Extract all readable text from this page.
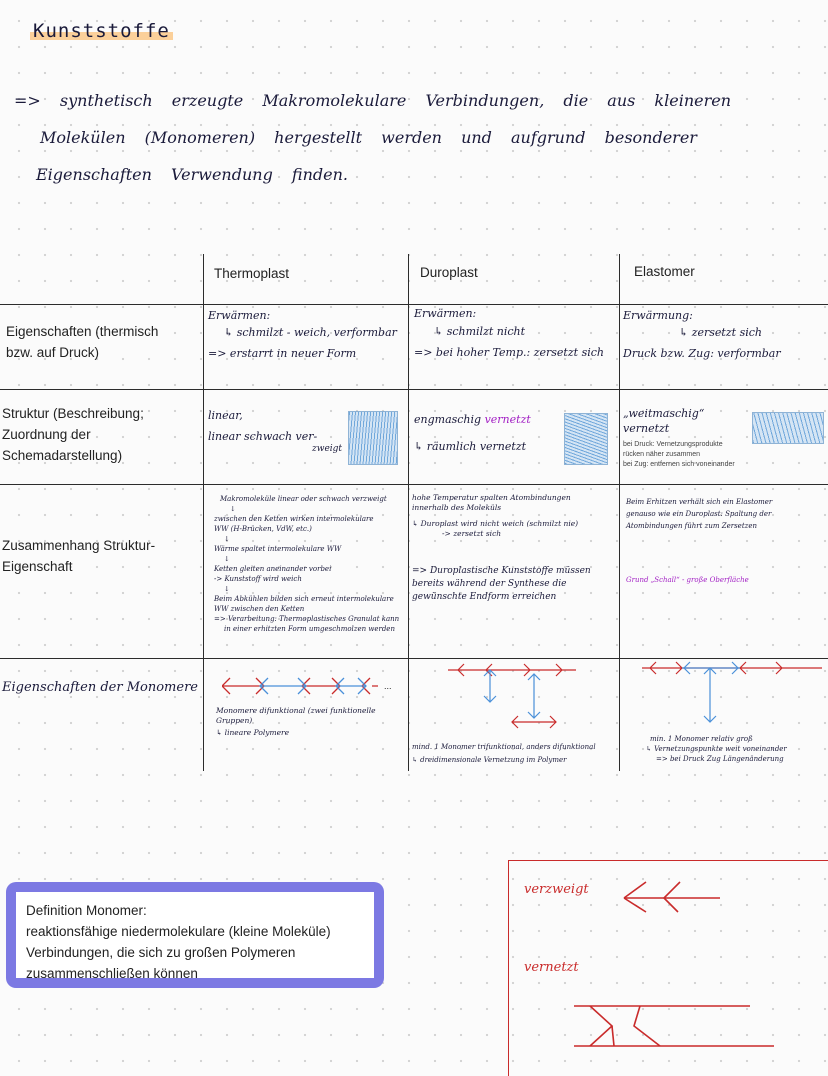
Kunststoffe
=> synthetisch erzeugte Makromolekulare Verbindungen, die aus kleineren
Molekülen (Monomeren) hergestellt werden und aufgrund besonderer
Eigenschaften Verwendung finden.
Thermoplast	Duroplast	Elastomer
Eigenschaften (thermisch
bzw. auf Druck)
Struktur (Beschreibung;
Zuordnung der
Schemadarstellung)
Zusammenhang Struktur-
Eigenschaft
Eigenschaften der Monomere
Erwärmen:
↳ schmilzt - weich, verformbar
=> erstarrt in neuer Form
Erwärmen:
↳ schmilzt nicht
=> bei hoher Temp.: zersetzt sich
Erwärmung:
↳ zersetzt sich
Druck bzw. Zug: verformbar
linear,
linear schwach ver-
zweigt
engmaschig vernetzt
↳ räumlich vernetzt
„weitmaschig“ vernetzt
bei Druck: Vernetzungsprodukte
rücken näher zusammen
bei Zug: entfernen sich voneinander
Makromoleküle linear oder schwach verzweigt
↓
zwischen den Ketten wirken intermolekulare
WW (H-Brücken, VdW, etc.)
↓
Wärme spaltet intermolekulare WW
↓
Ketten gleiten aneinander vorbei
-> Kunststoff wird weich
↓
Beim Abkühlen bilden sich erneut intermolekulare
WW zwischen den Ketten
=> Verarbeitung: Thermoplastisches Granulat kann
in einer erhitzten Form umgeschmolzen werden
hohe Temperatur spalten Atombindungen
innerhalb des Moleküls
↳ Duroplast wird nicht weich (schmilzt nie)
-> zersetzt sich
=> Duroplastische Kunststoffe müssen
bereits während der Synthese die
gewünschte Endform erreichen
Beim Erhitzen verhält sich ein Elastomer
genauso wie ein Duroplast: Spaltung der
Atombindungen führt zum Zersetzen
Grund „Schall“ - große Oberfläche
...
Monomere difunktional (zwei funktionelle Gruppen)
↳ lineare Polymere
mind. 1 Monomer trifunktional, anders difunktional
↳ dreidimensionale Vernetzung im Polymer
min. 1 Monomer relativ groß
↳ Vernetzungspunkte weit voneinander
=> bei Druck Zug Längenänderung
Definition Monomer:
reaktionsfähige niedermolekulare (kleine Moleküle)
Verbindungen, die sich zu großen Polymeren
zusammenschließen können
verzweigt
vernetzt
